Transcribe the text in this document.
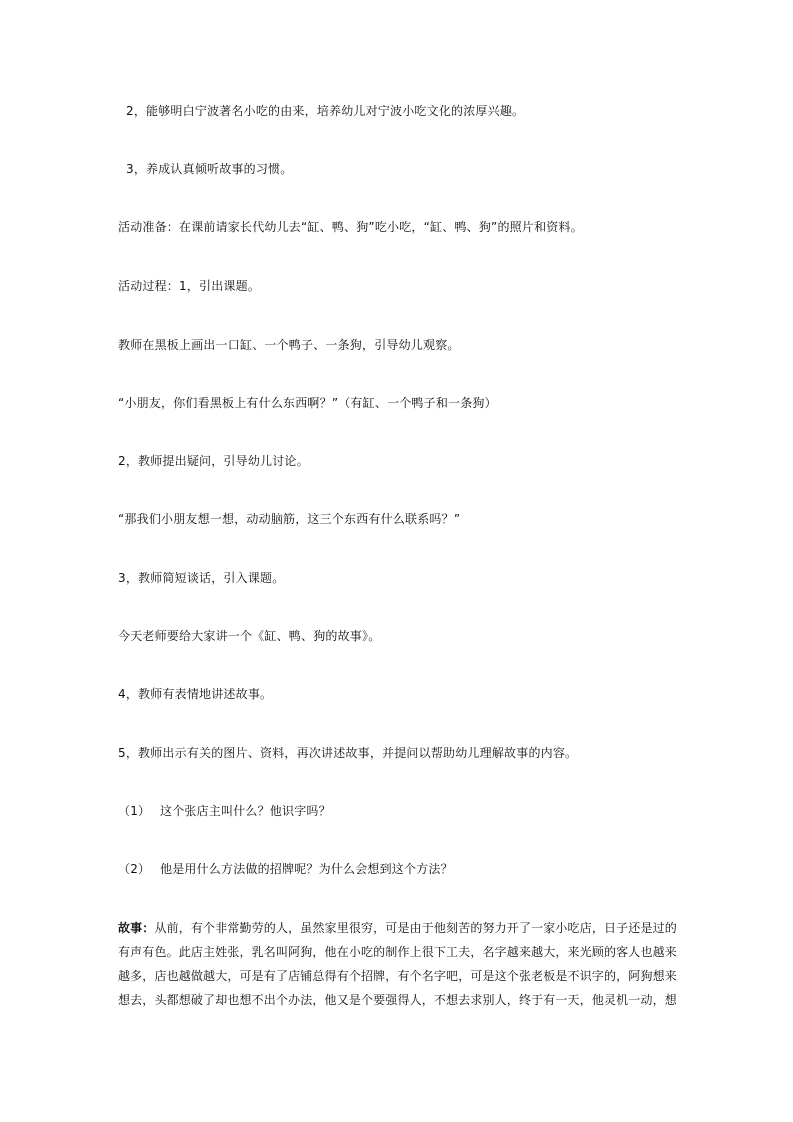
2，能够明白宁波著名小吃的由来，培养幼儿对宁波小吃文化的浓厚兴趣。
3，养成认真倾听故事的习惯。
活动准备：在课前请家长代幼儿去“缸、鸭、狗”吃小吃，“缸、鸭、狗”的照片和资料。
活动过程：1，引出课题。
教师在黑板上画出一口缸、一个鸭子、一条狗，引导幼儿观察。
“小朋友，你们看黑板上有什么东西啊？”（有缸、一个鸭子和一条狗）
2，教师提出疑问，引导幼儿讨论。
“那我们小朋友想一想，动动脑筋，这三个东西有什么联系吗？”
3，教师简短谈话，引入课题。
今天老师要给大家讲一个《缸、鸭、狗的故事》。
4，教师有表情地讲述故事。
5，教师出示有关的图片、资料，再次讲述故事，并提问以帮助幼儿理解故事的内容。
（1） 这个张店主叫什么？他识字吗？
（2） 他是用什么方法做的招牌呢？为什么会想到这个方法？
故事：从前，有个非常勤劳的人，虽然家里很穷，可是由于他刻苦的努力开了一家小吃店，日子还是过的
有声有色。此店主姓张，乳名叫阿狗，他在小吃的制作上很下工夫，名字越来越大，来光顾的客人也越来
越多，店也越做越大，可是有了店铺总得有个招牌，有个名字吧，可是这个张老板是不识字的，阿狗想来
想去，头都想破了却也想不出个办法，他又是个要强得人，不想去求别人，终于有一天，他灵机一动，想
